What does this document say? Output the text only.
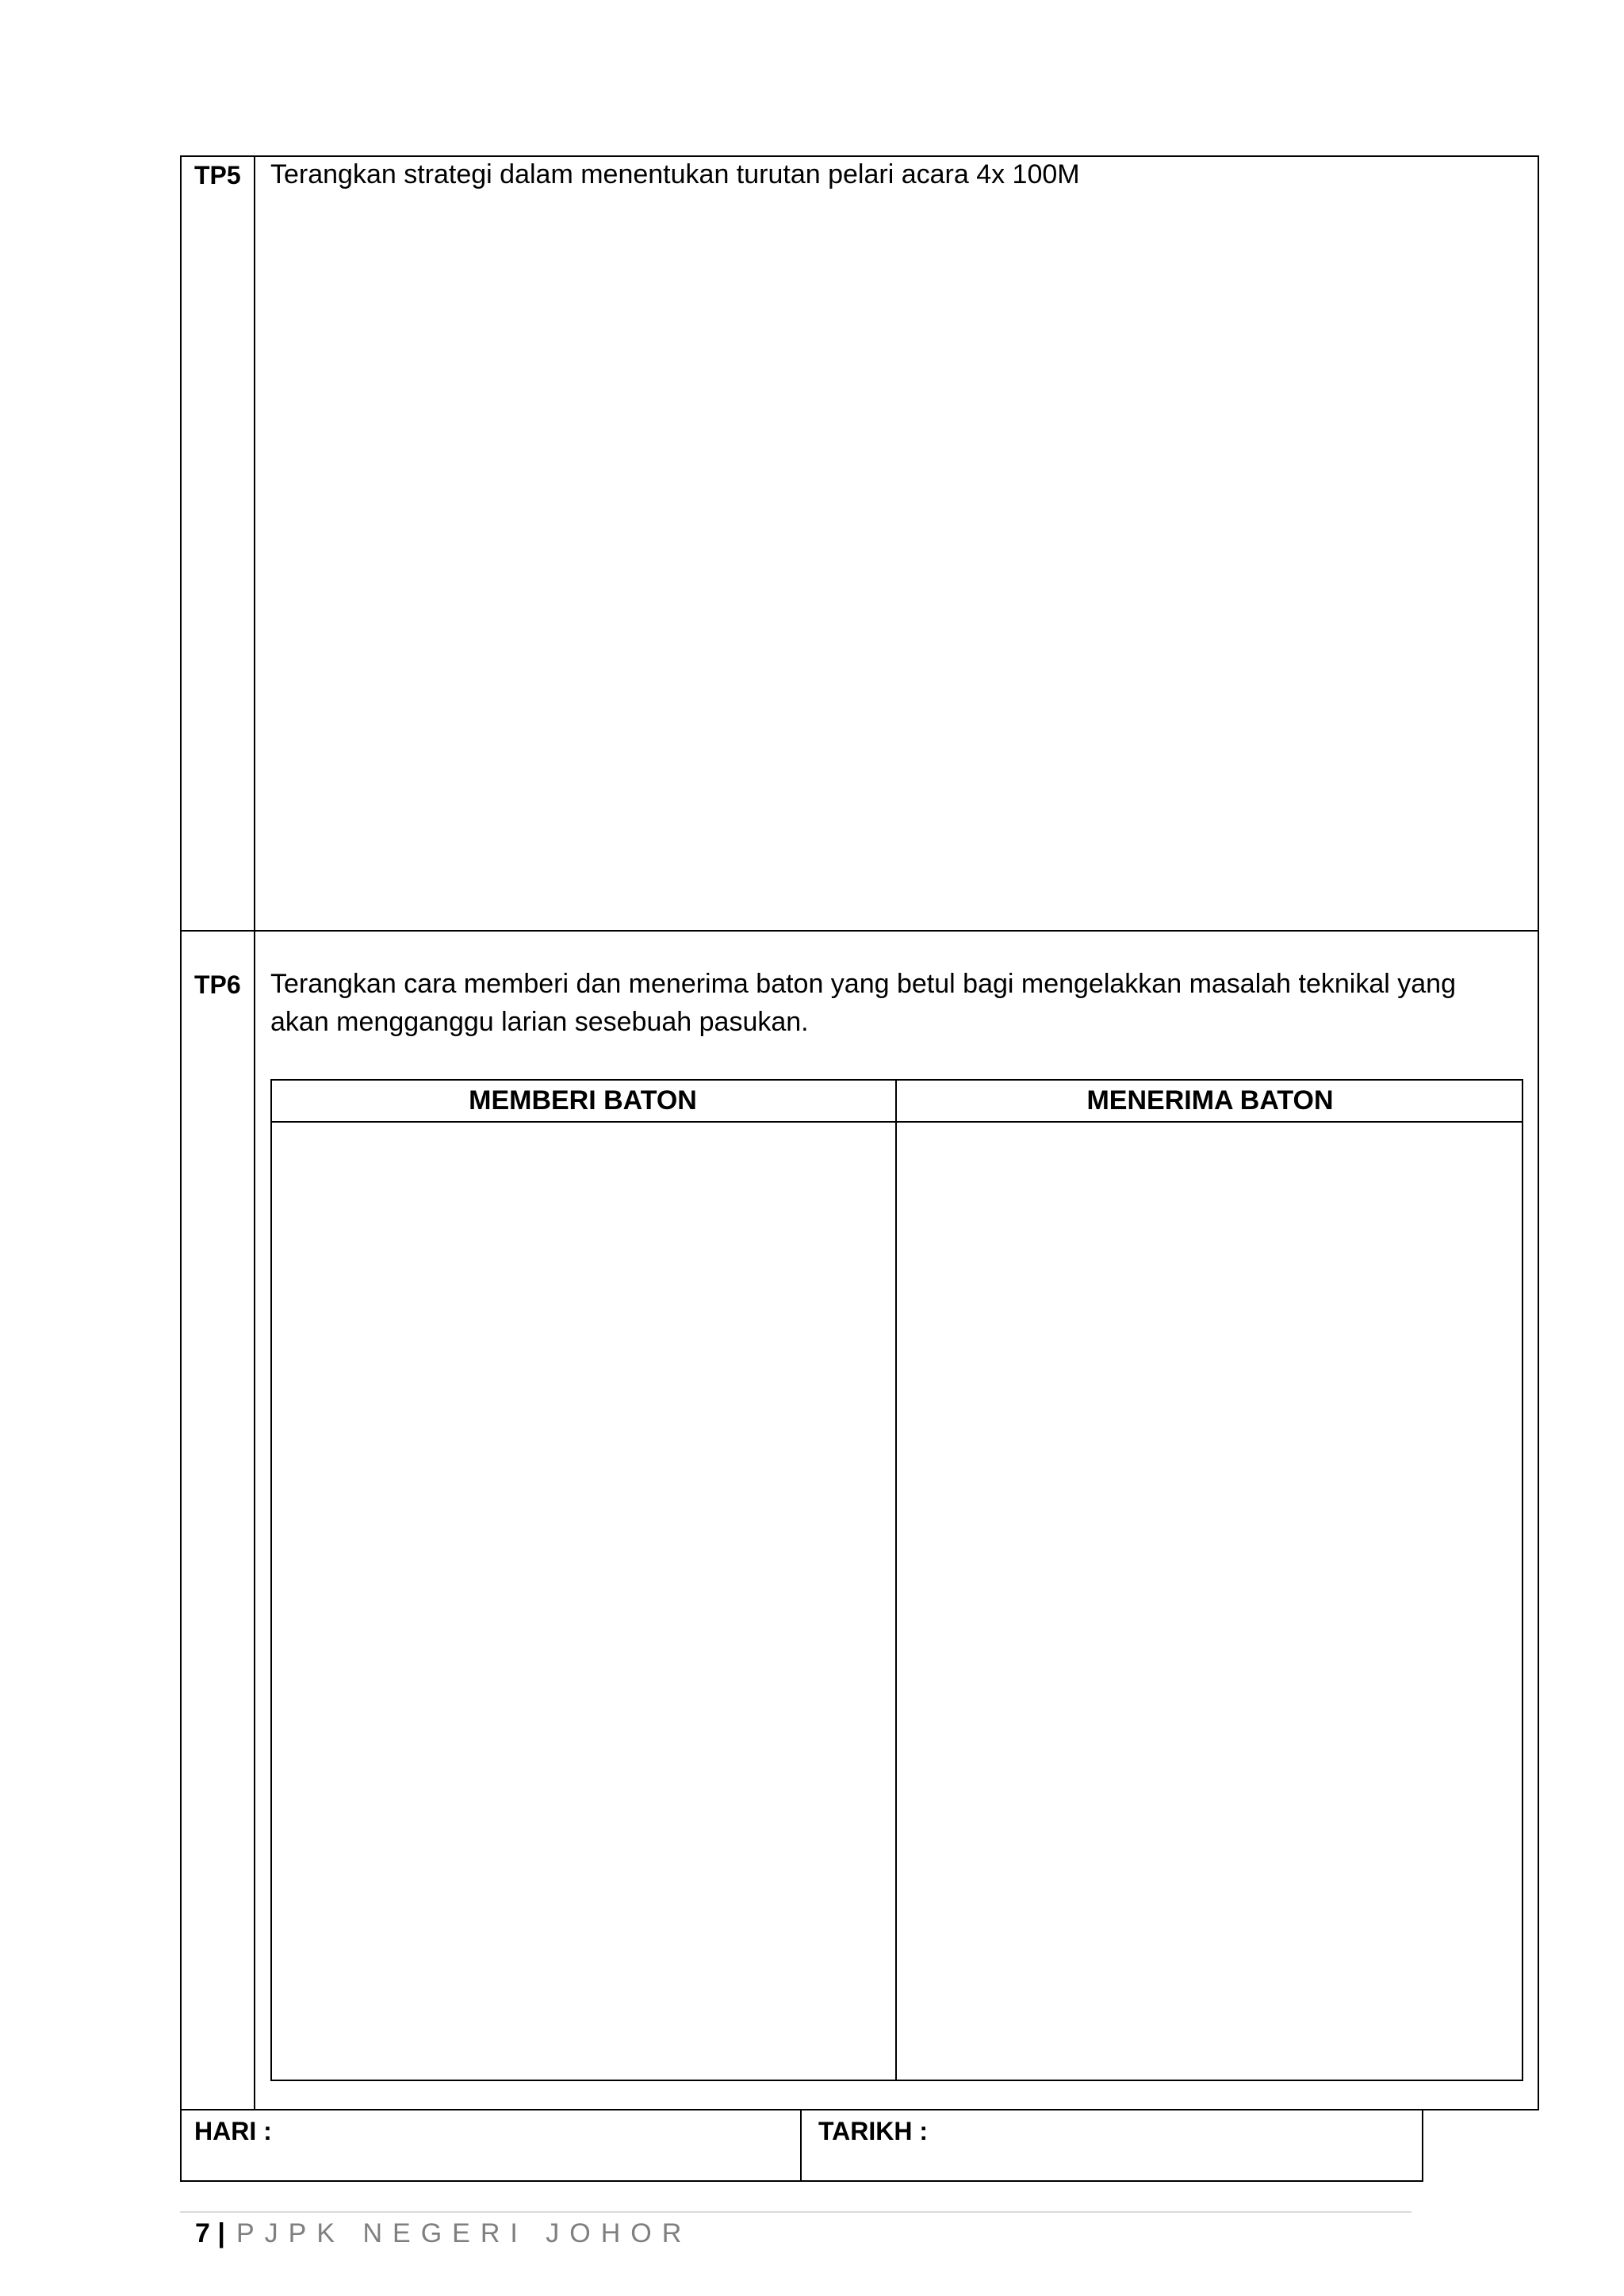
TP5 Terangkan strategi dalam menentukan turutan pelari acara 4x 100M
TP6 Terangkan cara memberi dan menerima baton yang betul bagi mengelakkan masalah teknikal yang
akan mengganggu larian sesebuah pasukan.
MEMBERI BATON	MENERIMA BATON
HARI :	TARIKH :
7 | PJPK NEGERI JOHOR
